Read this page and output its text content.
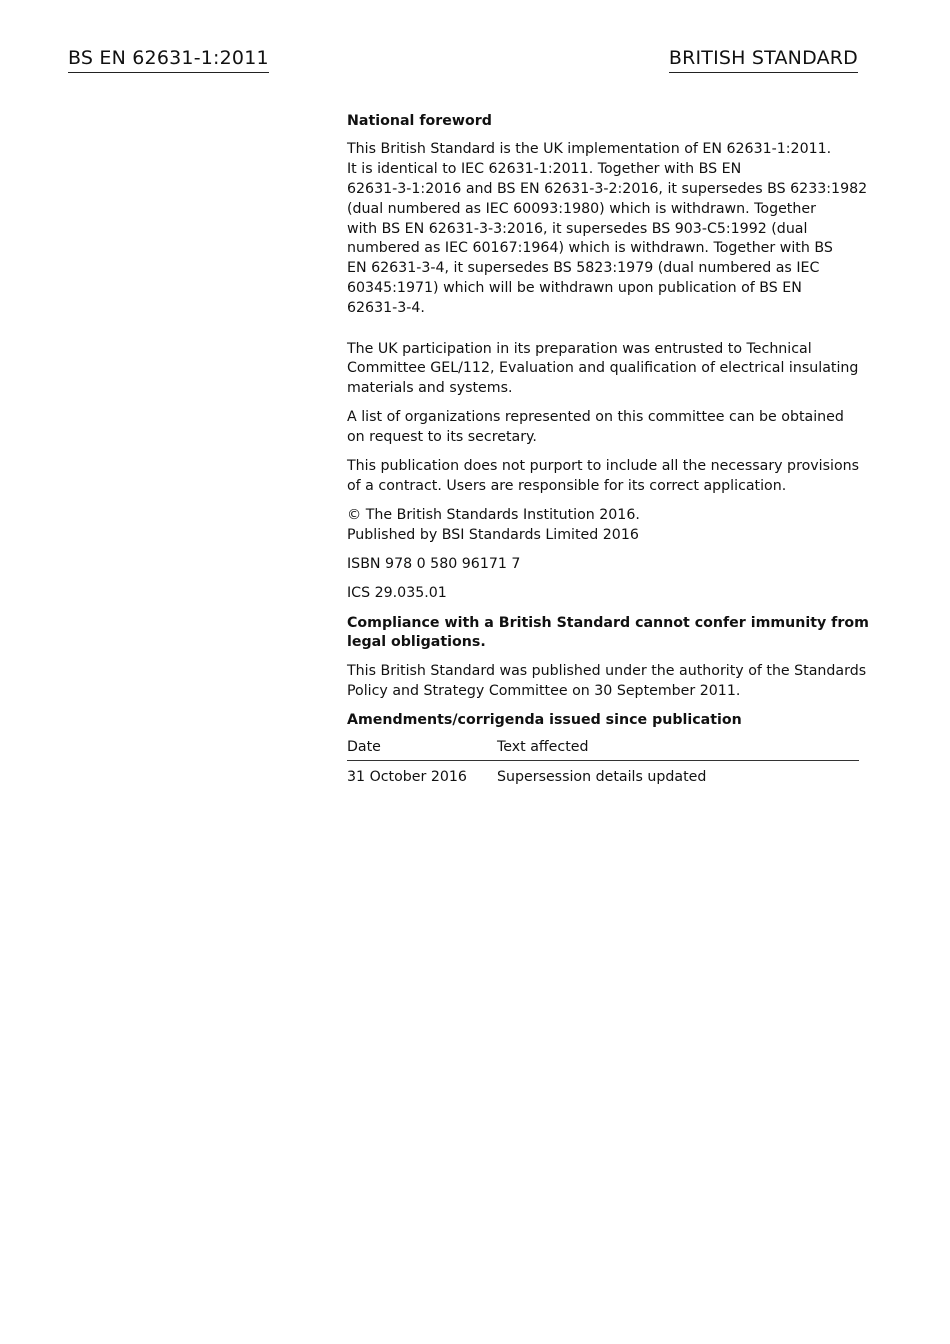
BS EN 62631-1:2011	BRITISH STANDARD

National foreword

This British Standard is the UK implementation of EN 62631-1:2011.
It is identical to IEC 62631-1:2011. Together with BS EN
62631-3-1:2016 and BS EN 62631-3-2:2016, it supersedes BS 6233:1982
(dual numbered as IEC 60093:1980) which is withdrawn. Together
with BS EN 62631-3-3:2016, it supersedes BS 903-C5:1992 (dual
numbered as IEC 60167:1964) which is withdrawn. Together with BS
EN 62631-3-4, it supersedes BS 5823:1979 (dual numbered as IEC
60345:1971) which will be withdrawn upon publication of BS EN
62631-3-4.

The UK participation in its preparation was entrusted to Technical
Committee GEL/112, Evaluation and qualification of electrical insulating
materials and systems.

A list of organizations represented on this committee can be obtained
on request to its secretary.

This publication does not purport to include all the necessary provisions
of a contract. Users are responsible for its correct application.

© The British Standards Institution 2016.
Published by BSI Standards Limited 2016

ISBN 978 0 580 96171 7

ICS 29.035.01

Compliance with a British Standard cannot confer immunity from
legal obligations.

This British Standard was published under the authority of the Standards
Policy and Strategy Committee on 30 September 2011.

Amendments/corrigenda issued since publication

Date	Text affected
31 October 2016	Supersession details updated
